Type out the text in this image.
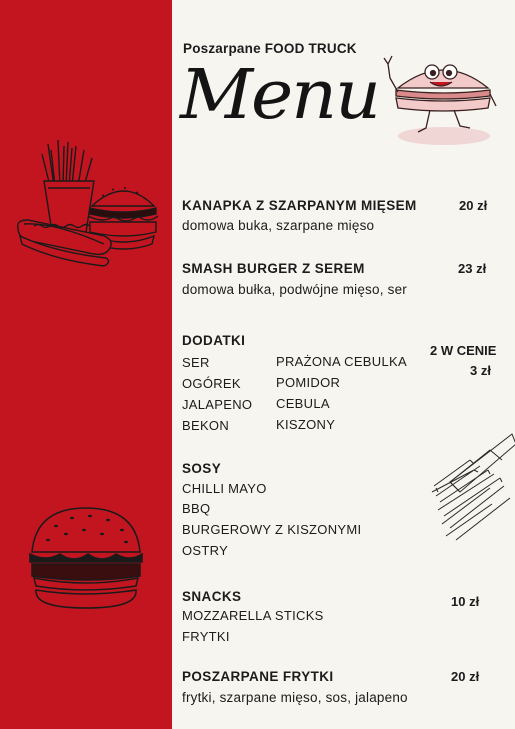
Poszarpane FOOD TRUCK
Menu
KANAPKA Z SZARPANYM MIĘSEM	20 zł
domowa buka, szarpane mięso
SMASH BURGER Z SEREM	23 zł
domowa bułka, podwójne mięso, ser
DODATKI
2 W CENIE
3 zł
SER
OGÓREK
JALAPENO
BEKON
PRAŻONA CEBULKA
POMIDOR
CEBULA
KISZONY
SOSY
CHILLI MAYO
BBQ
BURGEROWY Z KISZONYMI
OSTRY
SNACKS	10 zł
MOZZARELLA STICKS
FRYTKI
POSZARPANE FRYTKI	20 zł
frytki, szarpane mięso, sos, jalapeno
